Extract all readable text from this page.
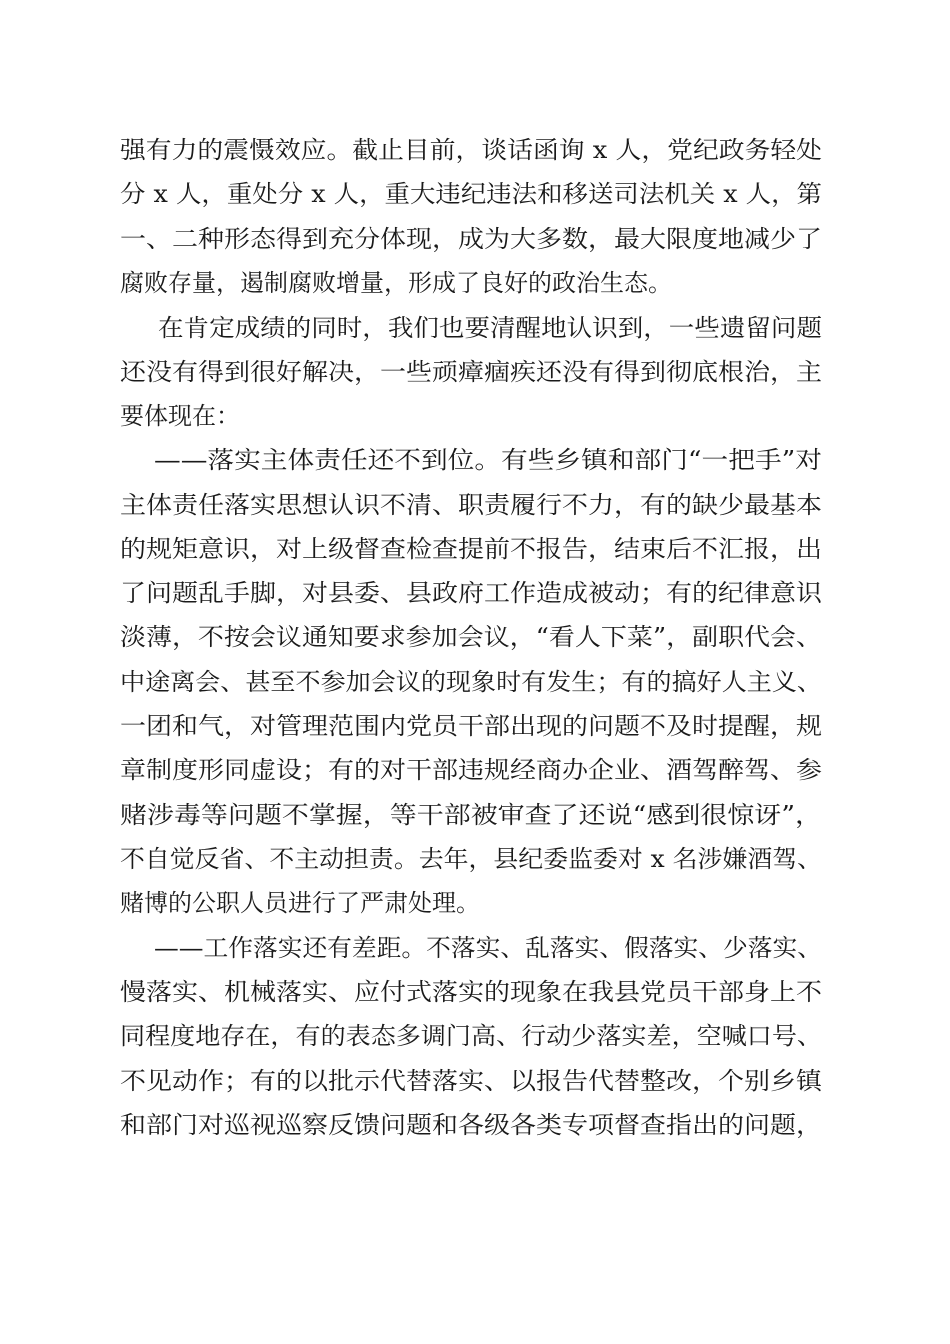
强有力的震慑效应。截止目前，谈话函询 x 人，党纪政务轻处

分 x 人，重处分 x 人，重大违纪违法和移送司法机关 x 人，第

一、二种形态得到充分体现，成为大多数，最大限度地减少了

腐败存量，遏制腐败增量，形成了良好的政治生态。

在肯定成绩的同时，我们也要清醒地认识到，一些遗留问题

还没有得到很好解决，一些顽瘴痼疾还没有得到彻底根治，主

要体现在：

——落实主体责任还不到位。有些乡镇和部门“一把手”对

主体责任落实思想认识不清、职责履行不力，有的缺少最基本

的规矩意识，对上级督查检查提前不报告，结束后不汇报，出

了问题乱手脚，对县委、县政府工作造成被动；有的纪律意识

淡薄，不按会议通知要求参加会议，“看人下菜”，副职代会、

中途离会、甚至不参加会议的现象时有发生；有的搞好人主义、

一团和气，对管理范围内党员干部出现的问题不及时提醒，规

章制度形同虚设；有的对干部违规经商办企业、酒驾醉驾、参

赌涉毒等问题不掌握，等干部被审查了还说“感到很惊讶”，

不自觉反省、不主动担责。去年，县纪委监委对 x 名涉嫌酒驾、

赌博的公职人员进行了严肃处理。

——工作落实还有差距。不落实、乱落实、假落实、少落实、

慢落实、机械落实、应付式落实的现象在我县党员干部身上不

同程度地存在，有的表态多调门高、行动少落实差，空喊口号、

不见动作；有的以批示代替落实、以报告代替整改，个别乡镇

和部门对巡视巡察反馈问题和各级各类专项督查指出的问题，
